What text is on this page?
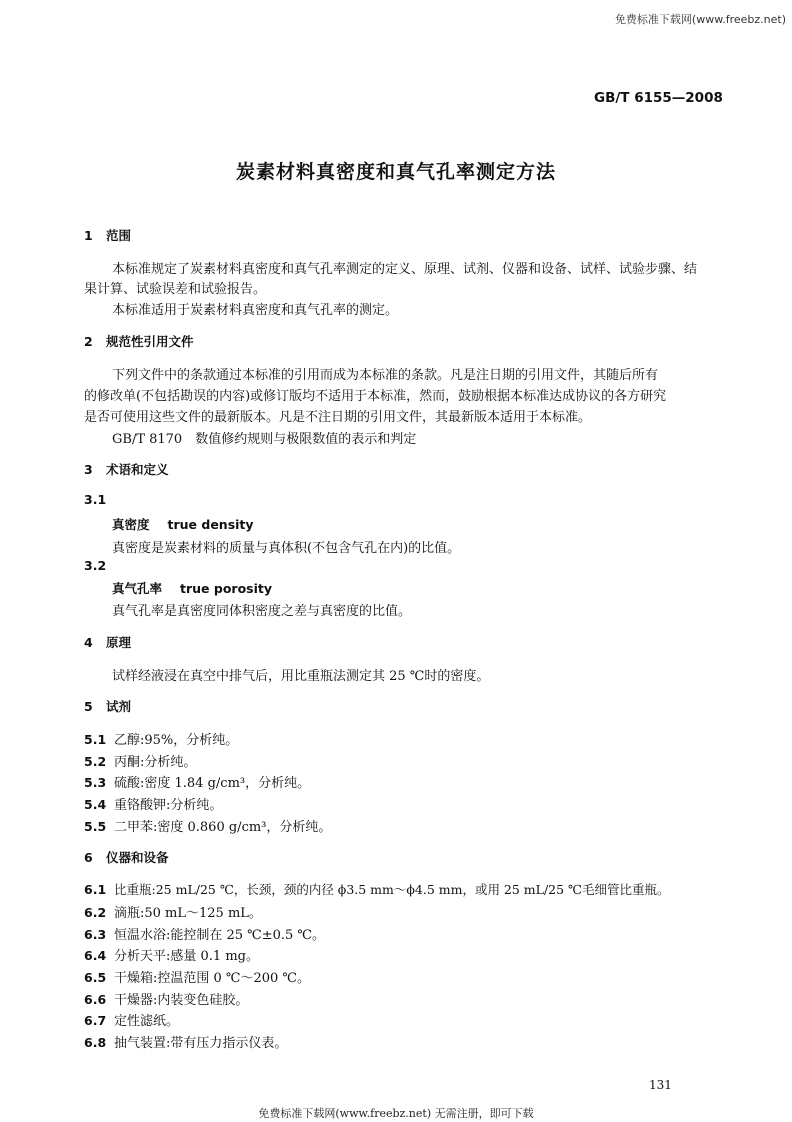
免费标准下载网(www.freebz.net)
GB/T 6155—2008
炭素材料真密度和真气孔率测定方法
1 范围
本标准规定了炭素材料真密度和真气孔率测定的定义、原理、试剂、仪器和设备、试样、试验步骤、结
果计算、试验误差和试验报告。
本标准适用于炭素材料真密度和真气孔率的测定。
2 规范性引用文件
下列文件中的条款通过本标准的引用而成为本标准的条款。凡是注日期的引用文件，其随后所有
的修改单(不包括勘误的内容)或修订版均不适用于本标准，然而，鼓励根据本标准达成协议的各方研究
是否可使用这些文件的最新版本。凡是不注日期的引用文件，其最新版本适用于本标准。
GB/T 8170　数值修约规则与极限数值的表示和判定
3 术语和定义
3.1
真密度 true density
真密度是炭素材料的质量与真体积(不包含气孔在内)的比值。
3.2
真气孔率 true porosity
真气孔率是真密度同体积密度之差与真密度的比值。
4 原理
试样经液浸在真空中排气后，用比重瓶法测定其 25 ℃时的密度。
5 试剂
5.1 乙醇:95%，分析纯。
5.2 丙酮:分析纯。
5.3 硫酸:密度 1.84 g/cm³，分析纯。
5.4 重铬酸钾:分析纯。
5.5 二甲苯:密度 0.860 g/cm³，分析纯。
6 仪器和设备
6.1 比重瓶:25 mL/25 ℃，长颈，颈的内径 ϕ3.5 mm～ϕ4.5 mm，或用 25 mL/25 ℃毛细管比重瓶。
6.2 滴瓶:50 mL～125 mL。
6.3 恒温水浴:能控制在 25 ℃±0.5 ℃。
6.4 分析天平:感量 0.1 mg。
6.5 干燥箱:控温范围 0 ℃～200 ℃。
6.6 干燥器:内装变色硅胶。
6.7 定性滤纸。
6.8 抽气装置:带有压力指示仪表。
131
免费标准下载网(www.freebz.net) 无需注册，即可下载
